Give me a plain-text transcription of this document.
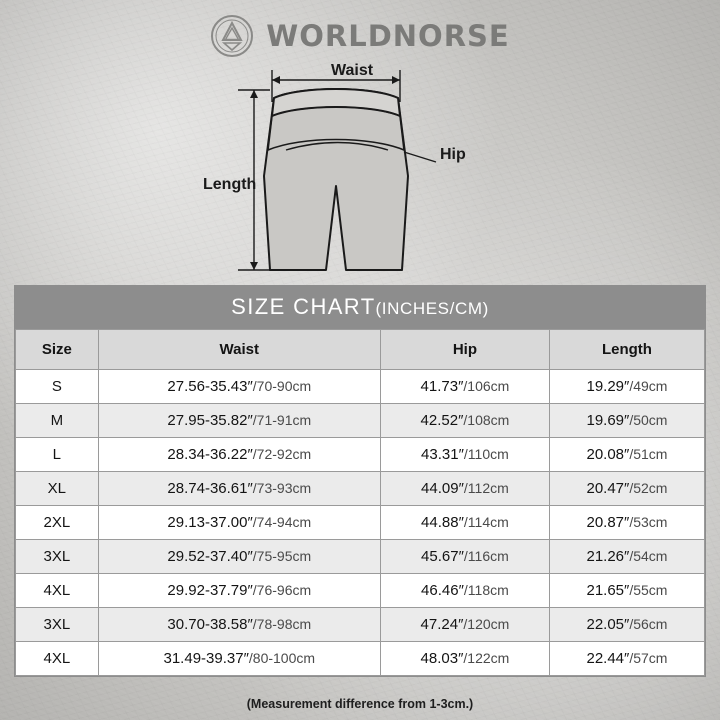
WORLDNORSE
Waist
Hip
Length
SIZE CHART(INCHES/CM)
Size	Waist	Hip	Length
S	27.56-35.43″/70-90cm	41.73″/106cm	19.29″/49cm
M	27.95-35.82″/71-91cm	42.52″/108cm	19.69″/50cm
L	28.34-36.22″/72-92cm	43.31″/110cm	20.08″/51cm
XL	28.74-36.61″/73-93cm	44.09″/112cm	20.47″/52cm
2XL	29.13-37.00″/74-94cm	44.88″/114cm	20.87″/53cm
3XL	29.52-37.40″/75-95cm	45.67″/116cm	21.26″/54cm
4XL	29.92-37.79″/76-96cm	46.46″/118cm	21.65″/55cm
3XL	30.70-38.58″/78-98cm	47.24″/120cm	22.05″/56cm
4XL	31.49-39.37″/80-100cm	48.03″/122cm	22.44″/57cm
(Measurement difference from 1-3cm.)
